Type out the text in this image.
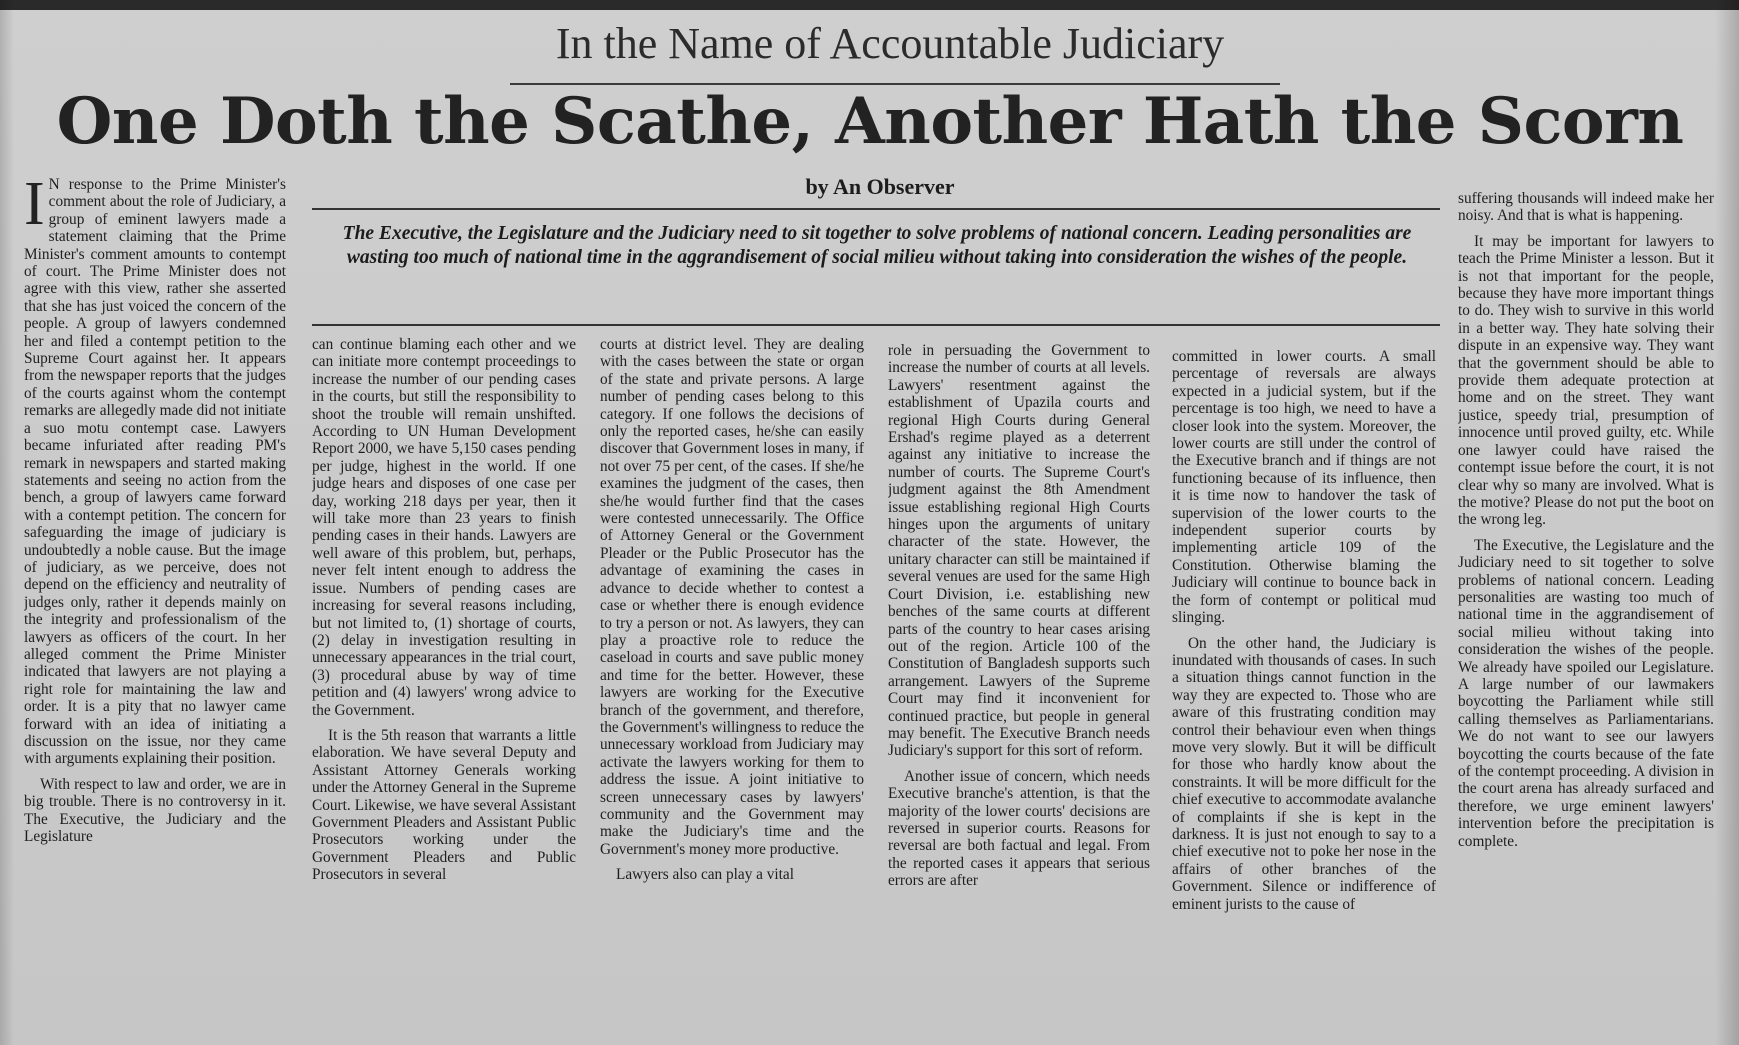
In the Name of Accountable Judiciary
One Doth the Scathe, Another Hath the Scorn
by An Observer
The Executive, the Legislature and the Judiciary need to sit together to solve problems of national concern. Leading personalities are wasting too much of national time in the aggrandisement of social milieu without taking into consideration the wishes of the people.

I N response to the Prime Minister's comment about the role of Judiciary, a group of eminent lawyers made a statement claiming that the Prime Minister's comment amounts to contempt of court. The Prime Minister does not agree with this view, rather she asserted that she has just voiced the concern of the people. A group of lawyers condemned her and filed a contempt petition to the Supreme Court against her. It appears from the newspaper reports that the judges of the courts against whom the contempt remarks are allegedly made did not initiate a suo motu contempt case. Lawyers became infuriated after reading PM's remark in newspapers and started making statements and seeing no action from the bench, a group of lawyers came forward with a contempt petition. The concern for safeguarding the image of judiciary is undoubtedly a noble cause. But the image of judiciary, as we perceive, does not depend on the efficiency and neutrality of judges only, rather it depends mainly on the integrity and professionalism of the lawyers as officers of the court. In her alleged comment the Prime Minister indicated that lawyers are not playing a right role for maintaining the law and order. It is a pity that no lawyer came forward with an idea of initiating a discussion on the issue, nor they came with arguments explaining their position.

With respect to law and order, we are in big trouble. There is no controversy in it. The Executive, the Judiciary and the Legislature

can continue blaming each other and we can initiate more contempt proceedings to increase the number of our pending cases in the courts, but still the responsibility to shoot the trouble will remain unshifted. According to UN Human Development Report 2000, we have 5,150 cases pending per judge, highest in the world. If one judge hears and disposes of one case per day, working 218 days per year, then it will take more than 23 years to finish pending cases in their hands. Lawyers are well aware of this problem, but, perhaps, never felt intent enough to address the issue. Numbers of pending cases are increasing for several reasons including, but not limited to, (1) shortage of courts, (2) delay in investigation resulting in unnecessary appearances in the trial court, (3) procedural abuse by way of time petition and (4) lawyers' wrong advice to the Government.

It is the 5th reason that warrants a little elaboration. We have several Deputy and Assistant Attorney Generals working under the Attorney General in the Supreme Court. Likewise, we have several Assistant Government Pleaders and Assistant Public Prosecutors working under the Government Pleaders and Public Prosecutors in several

courts at district level. They are dealing with the cases between the state or organ of the state and private persons. A large number of pending cases belong to this category. If one follows the decisions of only the reported cases, he/she can easily discover that Government loses in many, if not over 75 per cent, of the cases. If she/he examines the judgment of the cases, then she/he would further find that the cases were contested unnecessarily. The Office of Attorney General or the Government Pleader or the Public Prosecutor has the advantage of examining the cases in advance to decide whether to contest a case or whether there is enough evidence to try a person or not. As lawyers, they can play a proactive role to reduce the caseload in courts and save public money and time for the better. However, these lawyers are working for the Executive branch of the government, and therefore, the Government's willingness to reduce the unnecessary workload from Judiciary may activate the lawyers working for them to address the issue. A joint initiative to screen unnecessary cases by lawyers' community and the Government may make the Judiciary's time and the Government's money more productive.

Lawyers also can play a vital

role in persuading the Government to increase the number of courts at all levels. Lawyers' resentment against the establishment of Upazila courts and regional High Courts during General Ershad's regime played as a deterrent against any initiative to increase the number of courts. The Supreme Court's judgment against the 8th Amendment issue establishing regional High Courts hinges upon the arguments of unitary character of the state. However, the unitary character can still be maintained if several venues are used for the same High Court Division, i.e. establishing new benches of the same courts at different parts of the country to hear cases arising out of the region. Article 100 of the Constitution of Bangladesh supports such arrangement. Lawyers of the Supreme Court may find it inconvenient for continued practice, but people in general may benefit. The Executive Branch needs Judiciary's support for this sort of reform.

Another issue of concern, which needs Executive branche's attention, is that the majority of the lower courts' decisions are reversed in superior courts. Reasons for reversal are both factual and legal. From the reported cases it appears that serious errors are after

committed in lower courts. A small percentage of reversals are always expected in a judicial system, but if the percentage is too high, we need to have a closer look into the system. Moreover, the lower courts are still under the control of the Executive branch and if things are not functioning because of its influence, then it is time now to handover the task of supervision of the lower courts to the independent superior courts by implementing article 109 of the Constitution. Otherwise blaming the Judiciary will continue to bounce back in the form of contempt or political mud slinging.

On the other hand, the Judiciary is inundated with thousands of cases. In such a situation things cannot function in the way they are expected to. Those who are aware of this frustrating condition may control their behaviour even when things move very slowly. But it will be difficult for those who hardly know about the constraints. It will be more difficult for the chief executive to accommodate avalanche of complaints if she is kept in the darkness. It is just not enough to say to a chief executive not to poke her nose in the affairs of other branches of the Government. Silence or indifference of eminent jurists to the cause of

suffering thousands will indeed make her noisy. And that is what is happening.

It may be important for lawyers to teach the Prime Minister a lesson. But it is not that important for the people, because they have more important things to do. They wish to survive in this world in a better way. They hate solving their dispute in an expensive way. They want that the government should be able to provide them adequate protection at home and on the street. They want justice, speedy trial, presumption of innocence until proved guilty, etc. While one lawyer could have raised the contempt issue before the court, it is not clear why so many are involved. What is the motive? Please do not put the boot on the wrong leg.

The Executive, the Legislature and the Judiciary need to sit together to solve problems of national concern. Leading personalities are wasting too much of national time in the aggrandisement of social milieu without taking into consideration the wishes of the people. We already have spoiled our Legislature. A large number of our lawmakers boycotting the Parliament while still calling themselves as Parliamentarians. We do not want to see our lawyers boycotting the courts because of the fate of the contempt proceeding. A division in the court arena has already surfaced and therefore, we urge eminent lawyers' intervention before the precipitation is complete.
